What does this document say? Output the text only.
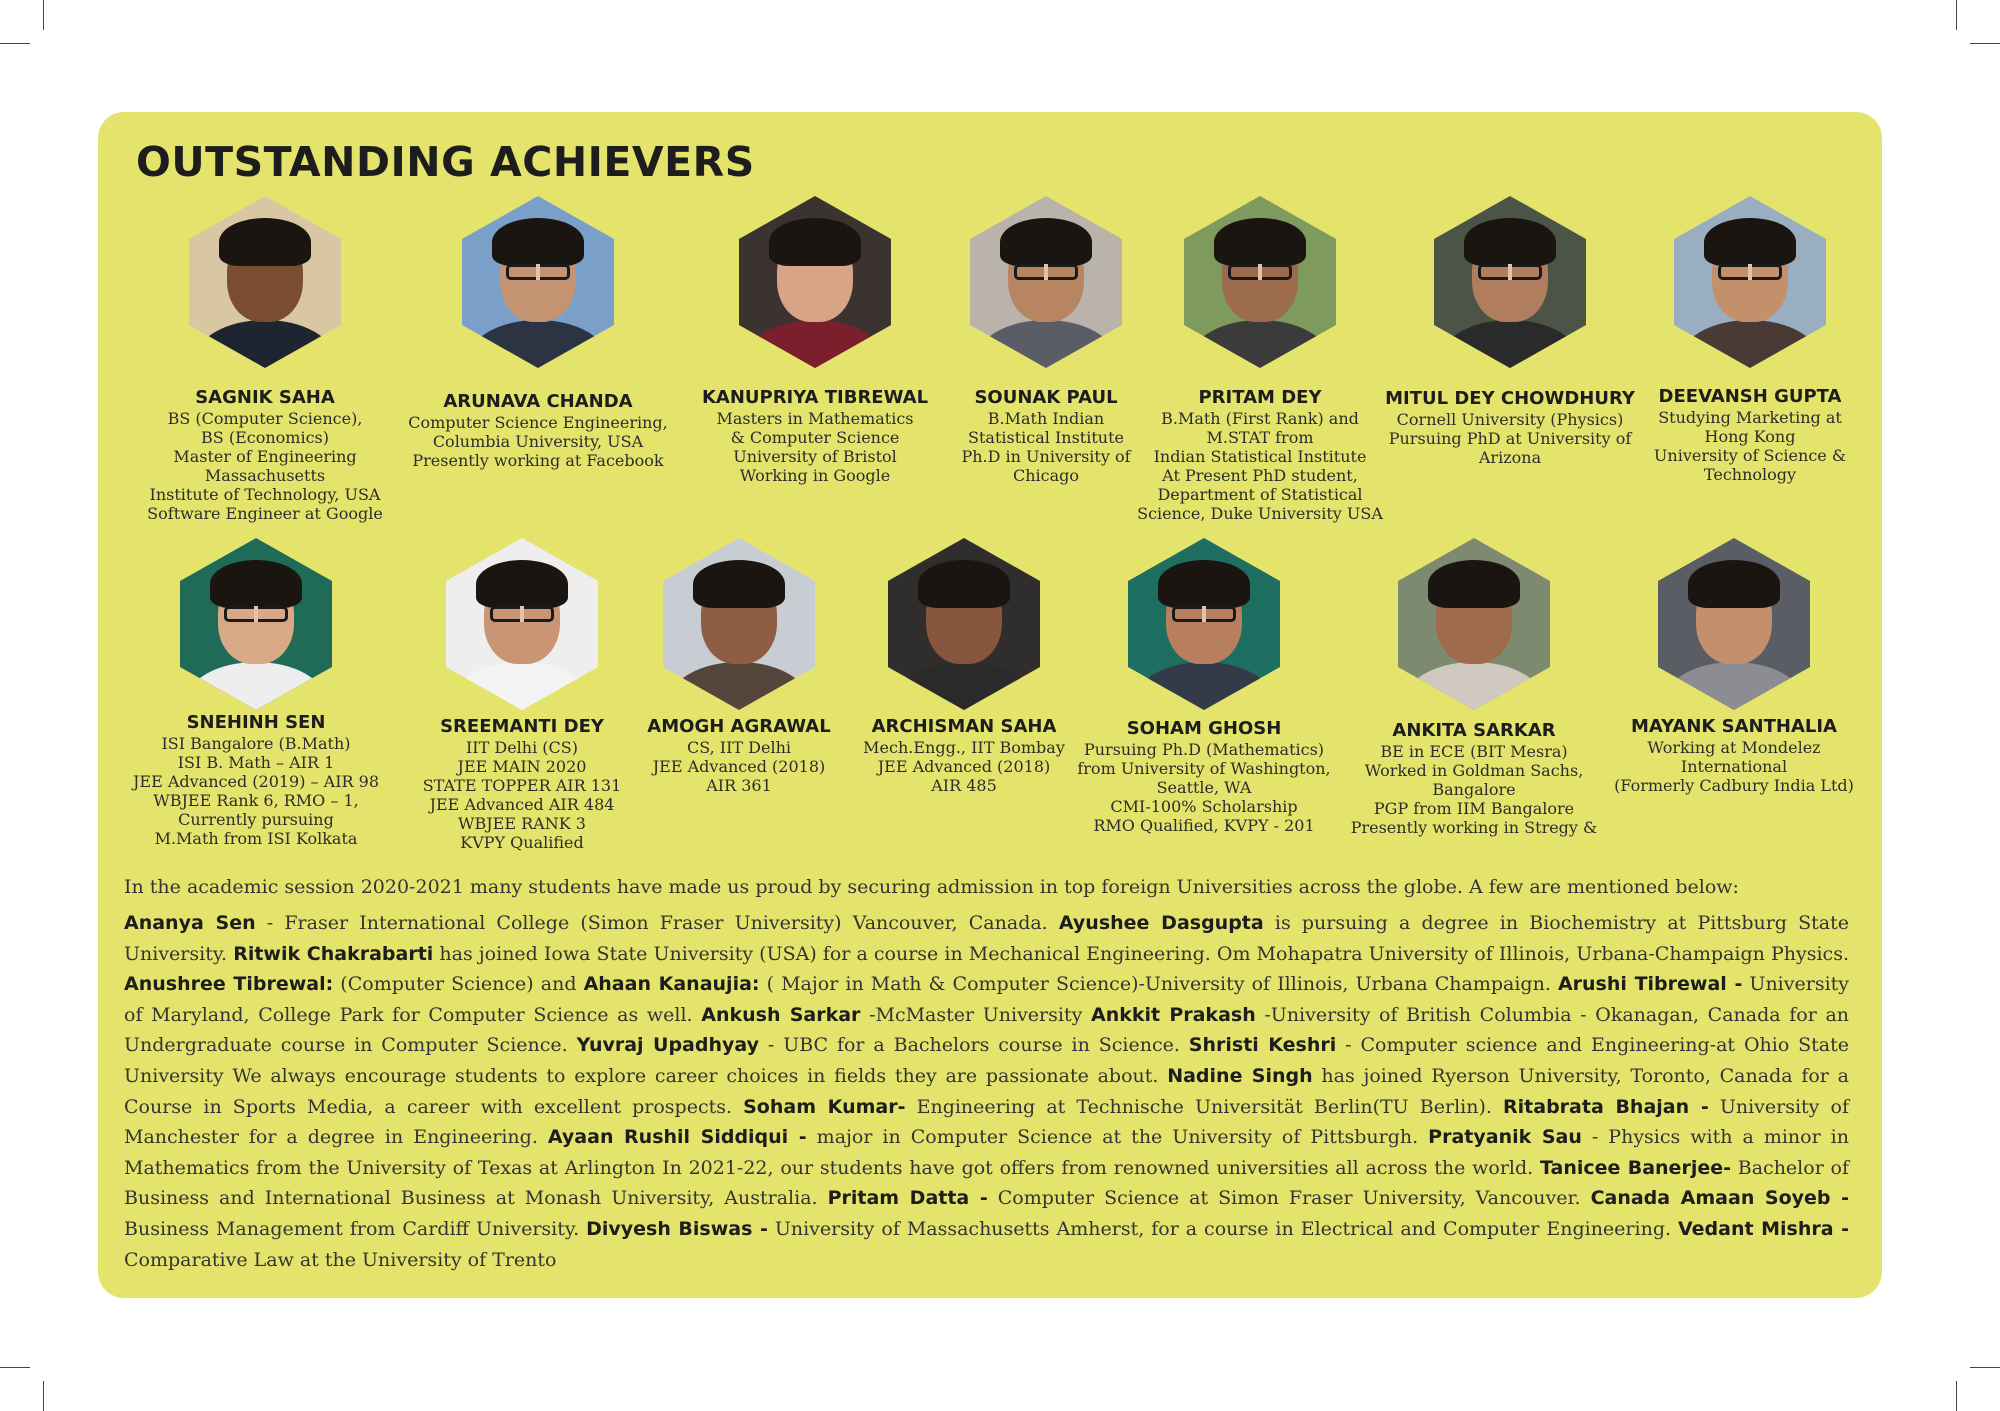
OUTSTANDING ACHIEVERS
SAGNIK SAHA
BS (Computer Science),
BS (Economics)
Master of Engineering
Massachusetts
Institute of Technology, USA
Software Engineer at Google
ARUNAVA CHANDA
Computer Science Engineering,
Columbia University, USA
Presently working at Facebook
KANUPRIYA TIBREWAL
Masters in Mathematics
& Computer Science
University of Bristol
Working in Google
SOUNAK PAUL
B.Math Indian
Statistical Institute
Ph.D in University of
Chicago
PRITAM DEY
B.Math (First Rank) and
M.STAT from
Indian Statistical Institute
At Present PhD student,
Department of Statistical
Science, Duke University USA
MITUL DEY CHOWDHURY
Cornell University (Physics)
Pursuing PhD at University of
Arizona
DEEVANSH GUPTA
Studying Marketing at
Hong Kong
University of Science &
Technology
SNEHINH SEN
ISI Bangalore (B.Math)
ISI B. Math – AIR 1
JEE Advanced (2019) – AIR 98
WBJEE Rank 6, RMO – 1,
Currently pursuing
M.Math from ISI Kolkata
SREEMANTI DEY
IIT Delhi (CS)
JEE MAIN 2020
STATE TOPPER AIR 131
JEE Advanced AIR 484
WBJEE RANK 3
KVPY Qualified
AMOGH AGRAWAL
CS, IIT Delhi
JEE Advanced (2018)
AIR 361
ARCHISMAN SAHA
Mech.Engg., IIT Bombay
JEE Advanced (2018)
AIR 485
SOHAM GHOSH
Pursuing Ph.D (Mathematics)
from University of Washington,
Seattle, WA
CMI-100% Scholarship
RMO Qualified, KVPY - 201
ANKITA SARKAR
BE in ECE (BIT Mesra)
Worked in Goldman Sachs,
Bangalore
PGP from IIM Bangalore
Presently working in Stregy &
MAYANK SANTHALIA
Working at Mondelez
International
(Formerly Cadbury India Ltd)
In the academic session 2020-2021 many students have made us proud by securing admission in top foreign Universities across the globe. A few are mentioned below:
Ananya Sen - Fraser International College (Simon Fraser University) Vancouver, Canada. Ayushee Dasgupta is pursuing a degree in Biochemistry at Pittsburg State University. Ritwik Chakrabarti has joined Iowa State University (USA) for a course in Mechanical Engineering. Om Mohapatra University of Illinois, Urbana-Champaign Physics. Anushree Tibrewal: (Computer Science) and Ahaan Kanaujia: ( Major in Math & Computer Science)-University of Illinois, Urbana Champaign. Arushi Tibrewal - University of Maryland, College Park for Computer Science as well. Ankush Sarkar -McMaster University Ankkit Prakash -University of British Columbia - Okanagan, Canada for an Undergraduate course in Computer Science. Yuvraj Upadhyay - UBC for a Bachelors course in Science. Shristi Keshri - Computer science and Engineering-at Ohio State University We always encourage students to explore career choices in fields they are passionate about. Nadine Singh has joined Ryerson University, Toronto, Canada for a Course in Sports Media, a career with excellent prospects. Soham Kumar- Engineering at Technische Universität Berlin(TU Berlin). Ritabrata Bhajan - University of Manchester for a degree in Engineering. Ayaan Rushil Siddiqui - major in Computer Science at the University of Pittsburgh. Pratyanik Sau - Physics with a minor in Mathematics from the University of Texas at Arlington In 2021-22, our students have got offers from renowned universities all across the world. Tanicee Banerjee- Bachelor of Business and International Business at Monash University, Australia. Pritam Datta - Computer Science at Simon Fraser University, Vancouver. Canada Amaan Soyeb - Business Management from Cardiff University. Divyesh Biswas - University of Massachusetts Amherst, for a course in Electrical and Computer Engineering. Vedant Mishra - Comparative Law at the University of Trento
